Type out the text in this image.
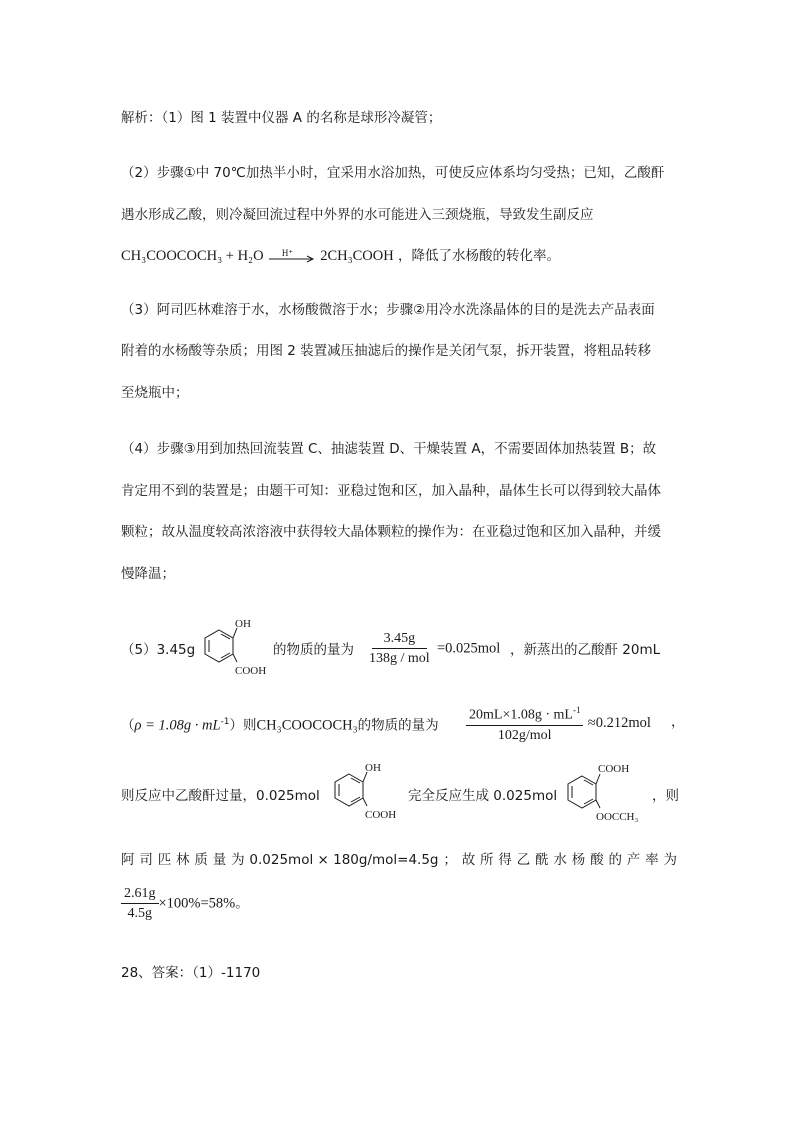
解析：（1）图 1 装置中仪器 A 的名称是球形冷凝管；
（2）步骤①中 70℃加热半小时，宜采用水浴加热，可使反应体系均匀受热；已知，乙酸酐
遇水形成乙酸，则冷凝回流过程中外界的水可能进入三颈烧瓶，导致发生副反应
CH₃COOCOCH₃ + H₂O H⁺ 2CH₃COOH ，降低了水杨酸的转化率。
（3）阿司匹林难溶于水，水杨酸微溶于水；步骤②用冷水洗涤晶体的目的是洗去产品表面
附着的水杨酸等杂质；用图 2 装置减压抽滤后的操作是关闭气泵，拆开装置，将粗品转移
至烧瓶中；
（4）步骤③用到加热回流装置 C、抽滤装置 D、干燥装置 A，不需要固体加热装置 B；故
肯定用不到的装置是；由题干可知：亚稳过饱和区，加入晶种，晶体生长可以得到较大晶体
颗粒；故从温度较高浓溶液中获得较大晶体颗粒的操作为：在亚稳过饱和区加入晶种，并缓
慢降温；
（5）3.45g
OH
COOH
的物质的量为 $\frac{3.45g}{\text{138g / mol}} =0.025mol$ ，新蒸出的乙酸酐 20mL
$(\rho = 1.08g \cdot mL^{-1})$则CH₃COOCOCH₃的物质的量为 $\frac{20mL\times 1.08g \cdot mL^{-1}}{\text{102g/mol}} \approx 0.212mol$ ，
则反应中乙酸酐过量，0.025mol
OH
COOH
完全反应生成 0.025mol
COOH
OOCCH₃
，则
阿 司 匹 林 质 量 为 0.025mol × 180g/mol=4.5g ； 故 所 得 乙 酰 水 杨 酸 的 产 率 为
$\frac{2.61g}{4.5g} \times 100\%=58\%$。
28、答案：（1）-1170
